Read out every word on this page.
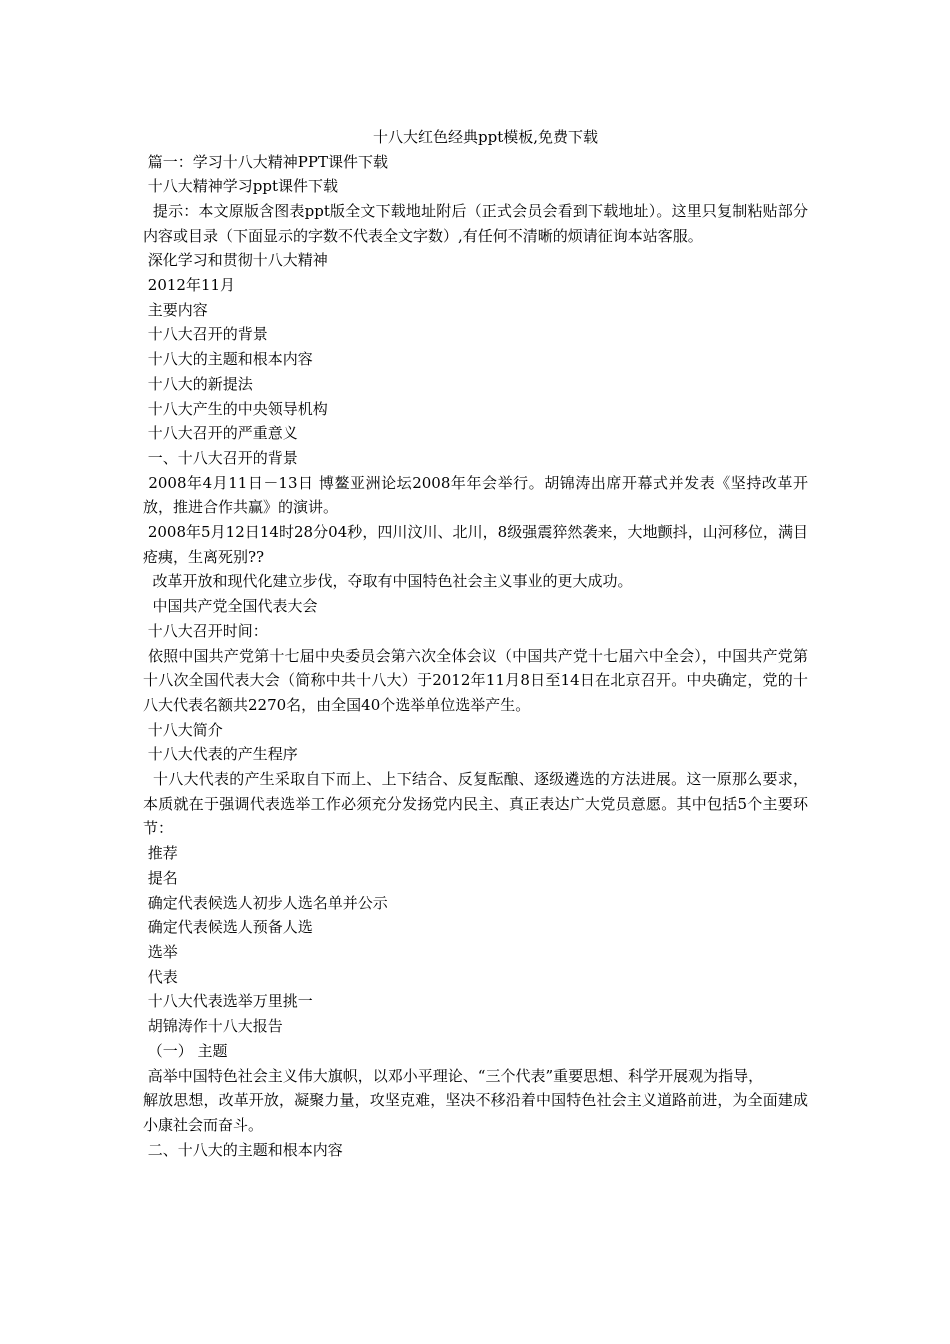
十八大红色经典ppt模板,免费下载

篇一：学习十八大精神PPT课件下载

十八大精神学习ppt课件下载

提示：本文原版含图表ppt版全文下载地址附后（正式会员会看到下载地址）。这里只复制粘贴部分内容或目录（下面显示的字数不代表全文字数）,有任何不清晰的烦请征询本站客服。

深化学习和贯彻十八大精神

2012年11月

主要内容

十八大召开的背景

十八大的主题和根本内容

十八大的新提法

十八大产生的中央领导机构

十八大召开的严重意义

一、十八大召开的背景

2008年4月11日－13日 博鳌亚洲论坛2008年年会举行。胡锦涛出席开幕式并发表《坚持改革开放，推进合作共赢》的演讲。

2008年5月12日14时28分04秒，四川汶川、北川，8级强震猝然袭来，大地颤抖，山河移位，满目疮痍，生离死别??

改革开放和现代化建立步伐，夺取有中国特色社会主义事业的更大成功。

中国共产党全国代表大会

十八大召开时间：

依照中国共产党第十七届中央委员会第六次全体会议（中国共产党十七届六中全会），中国共产党第十八次全国代表大会（简称中共十八大）于2012年11月8日至14日在北京召开。中央确定，党的十八大代表名额共2270名，由全国40个选举单位选举产生。

十八大简介

十八大代表的产生程序

十八大代表的产生采取自下而上、上下结合、反复酝酿、逐级遴选的方法进展。这一原那么要求，本质就在于强调代表选举工作必须充分发扬党内民主、真正表达广大党员意愿。其中包括5个主要环节：

推荐

提名

确定代表候选人初步人选名单并公示

确定代表候选人预备人选

选举

代表

十八大代表选举万里挑一

胡锦涛作十八大报告

（一） 主题

高举中国特色社会主义伟大旗帜，以邓小平理论、“三个代表”重要思想、科学开展观为指导，

解放思想，改革开放，凝聚力量，攻坚克难，坚决不移沿着中国特色社会主义道路前进，为全面建成小康社会而奋斗。

二、十八大的主题和根本内容
